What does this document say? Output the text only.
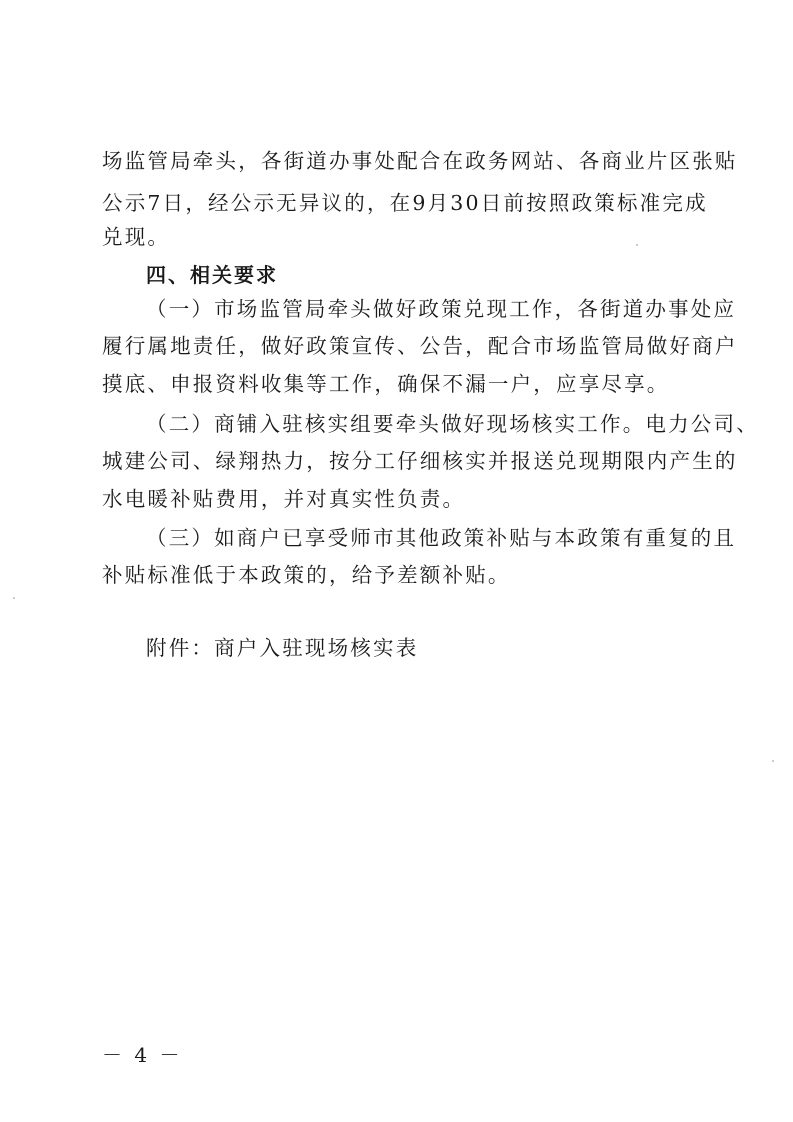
场监管局牵头，各街道办事处配合在政务网站、各商业片区张贴
公示7日，经公示无异议的，在9月30日前按照政策标准完成
兑现。
四、相关要求
（一）市场监管局牵头做好政策兑现工作，各街道办事处应
履行属地责任，做好政策宣传、公告，配合市场监管局做好商户
摸底、申报资料收集等工作，确保不漏一户，应享尽享。
（二）商铺入驻核实组要牵头做好现场核实工作。电力公司、
城建公司、绿翔热力，按分工仔细核实并报送兑现期限内产生的
水电暖补贴费用，并对真实性负责。
（三）如商户已享受师市其他政策补贴与本政策有重复的且
补贴标准低于本政策的，给予差额补贴。
附件：商户入驻现场核实表
－ 4 －
